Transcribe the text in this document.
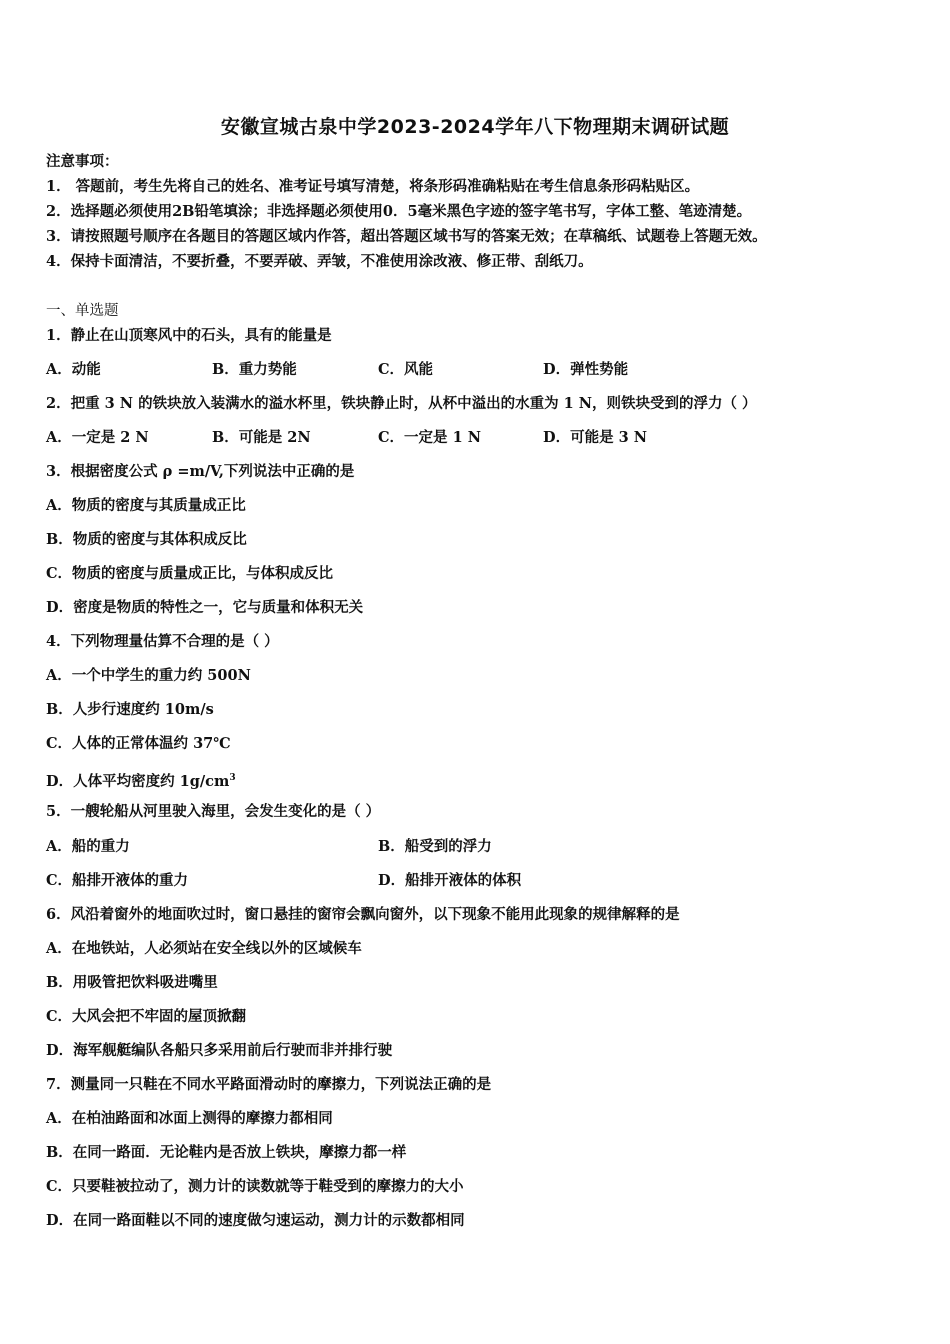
安徽宣城古泉中学2023-2024学年八下物理期末调研试题
注意事项：
1． 答题前，考生先将自己的姓名、准考证号填写清楚，将条形码准确粘贴在考生信息条形码粘贴区。
2．选择题必须使用2B铅笔填涂；非选择题必须使用0．5毫米黑色字迹的签字笔书写，字体工整、笔迹清楚。
3．请按照题号顺序在各题目的答题区域内作答，超出答题区域书写的答案无效；在草稿纸、试题卷上答题无效。
4．保持卡面清洁，不要折叠，不要弄破、弄皱，不准使用涂改液、修正带、刮纸刀。
一、单选题
1．静止在山顶寒风中的石头，具有的能量是
A．动能	B．重力势能	C．风能	D．弹性势能
2．把重 3 N 的铁块放入装满水的溢水杯里，铁块静止时，从杯中溢出的水重为 1 N，则铁块受到的浮力（ ）
A．一定是 2 N	B．可能是 2N	C．一定是 1 N	D．可能是 3 N
3．根据密度公式 ρ =m/V,下列说法中正确的是
A．物质的密度与其质量成正比
B．物质的密度与其体积成反比
C．物质的密度与质量成正比，与体积成反比
D．密度是物质的特性之一，它与质量和体积无关
4．下列物理量估算不合理的是（ ）
A．一个中学生的重力约 500N
B．人步行速度约 10m/s
C．人体的正常体温约 37℃
D．人体平均密度约 $1g/cm^3$
5．一艘轮船从河里驶入海里，会发生变化的是（ ）
A．船的重力	B．船受到的浮力
C．船排开液体的重力	D．船排开液体的体积
6．风沿着窗外的地面吹过时，窗口悬挂的窗帘会飘向窗外，以下现象不能用此现象的规律解释的是
A．在地铁站，人必须站在安全线以外的区域候车
B．用吸管把饮料吸进嘴里
C．大风会把不牢固的屋顶掀翻
D．海军舰艇编队各船只多采用前后行驶而非并排行驶
7．测量同一只鞋在不同水平路面滑动时的摩擦力，下列说法正确的是
A．在柏油路面和冰面上测得的摩擦力都相同
B．在同一路面．无论鞋内是否放上铁块，摩擦力都一样
C．只要鞋被拉动了，测力计的读数就等于鞋受到的摩擦力的大小
D．在同一路面鞋以不同的速度做匀速运动，测力计的示数都相同
